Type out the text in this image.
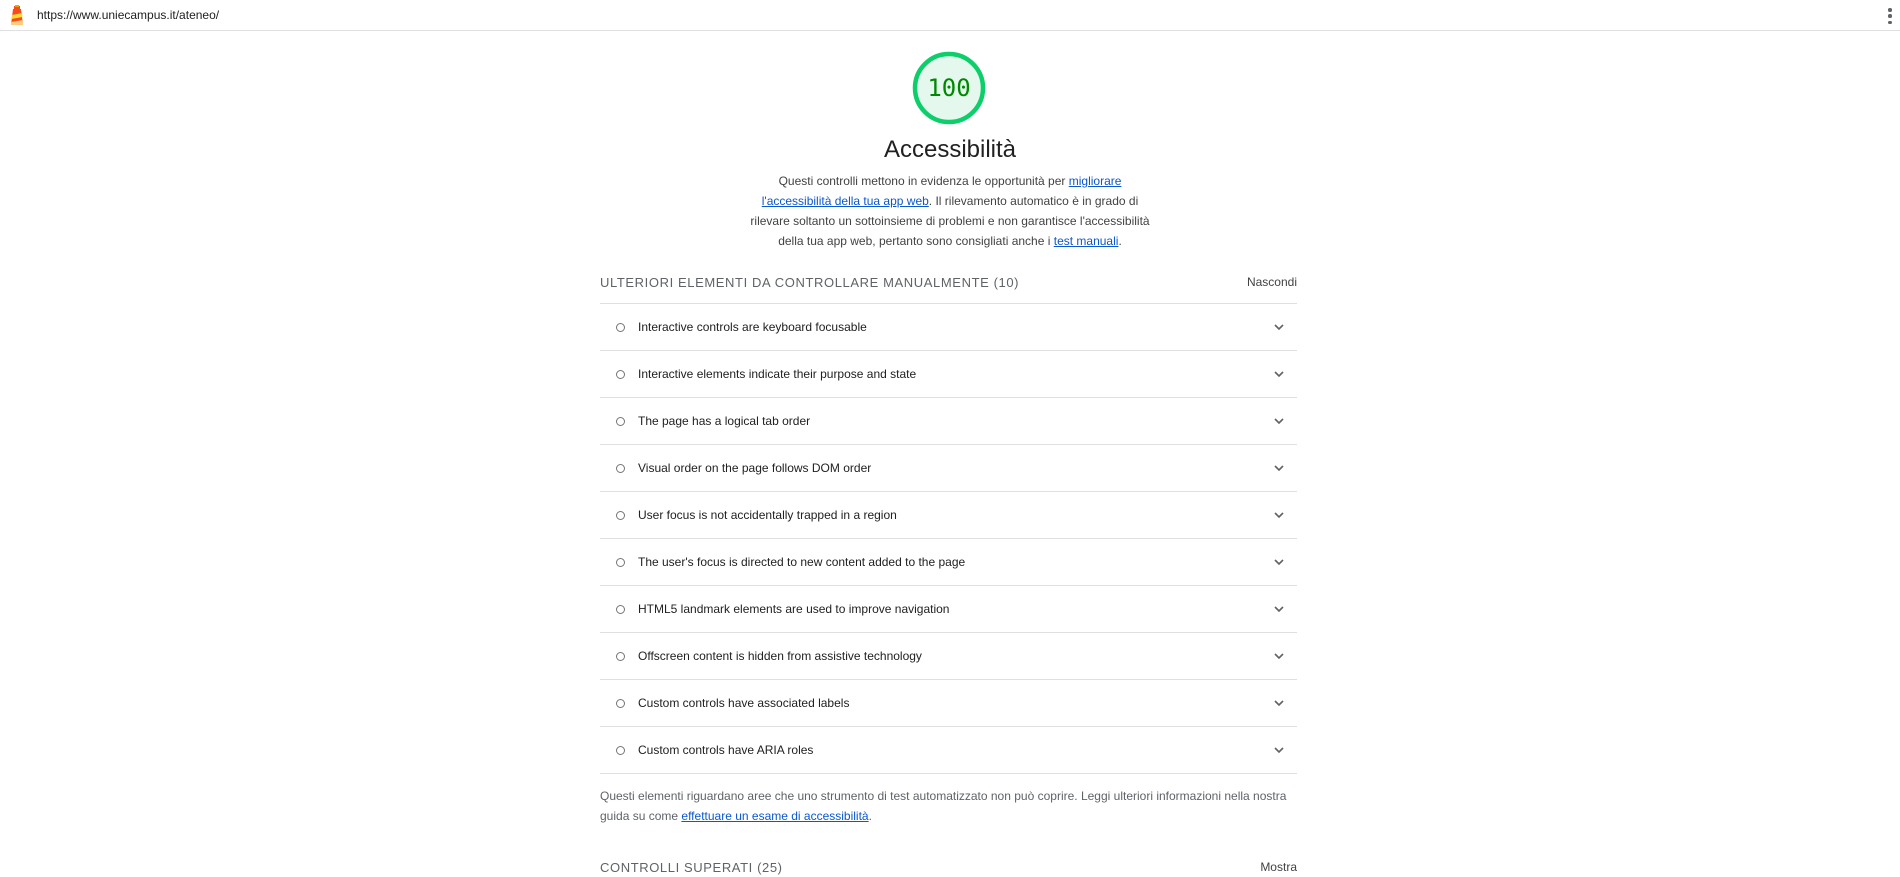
https://www.uniecampus.it/ateneo/
100
Accessibilità
Questi controlli mettono in evidenza le opportunità per migliorare l'accessibilità della tua app web. Il rilevamento automatico è in grado di rilevare soltanto un sottoinsieme di problemi e non garantisce l'accessibilità della tua app web, pertanto sono consigliati anche i test manuali.
ULTERIORI ELEMENTI DA CONTROLLARE MANUALMENTE (10)	Nascondi
Interactive controls are keyboard focusable
Interactive elements indicate their purpose and state
The page has a logical tab order
Visual order on the page follows DOM order
User focus is not accidentally trapped in a region
The user's focus is directed to new content added to the page
HTML5 landmark elements are used to improve navigation
Offscreen content is hidden from assistive technology
Custom controls have associated labels
Custom controls have ARIA roles
Questi elementi riguardano aree che uno strumento di test automatizzato non può coprire. Leggi ulteriori informazioni nella nostra guida su come effettuare un esame di accessibilità.
CONTROLLI SUPERATI (25)	Mostra
